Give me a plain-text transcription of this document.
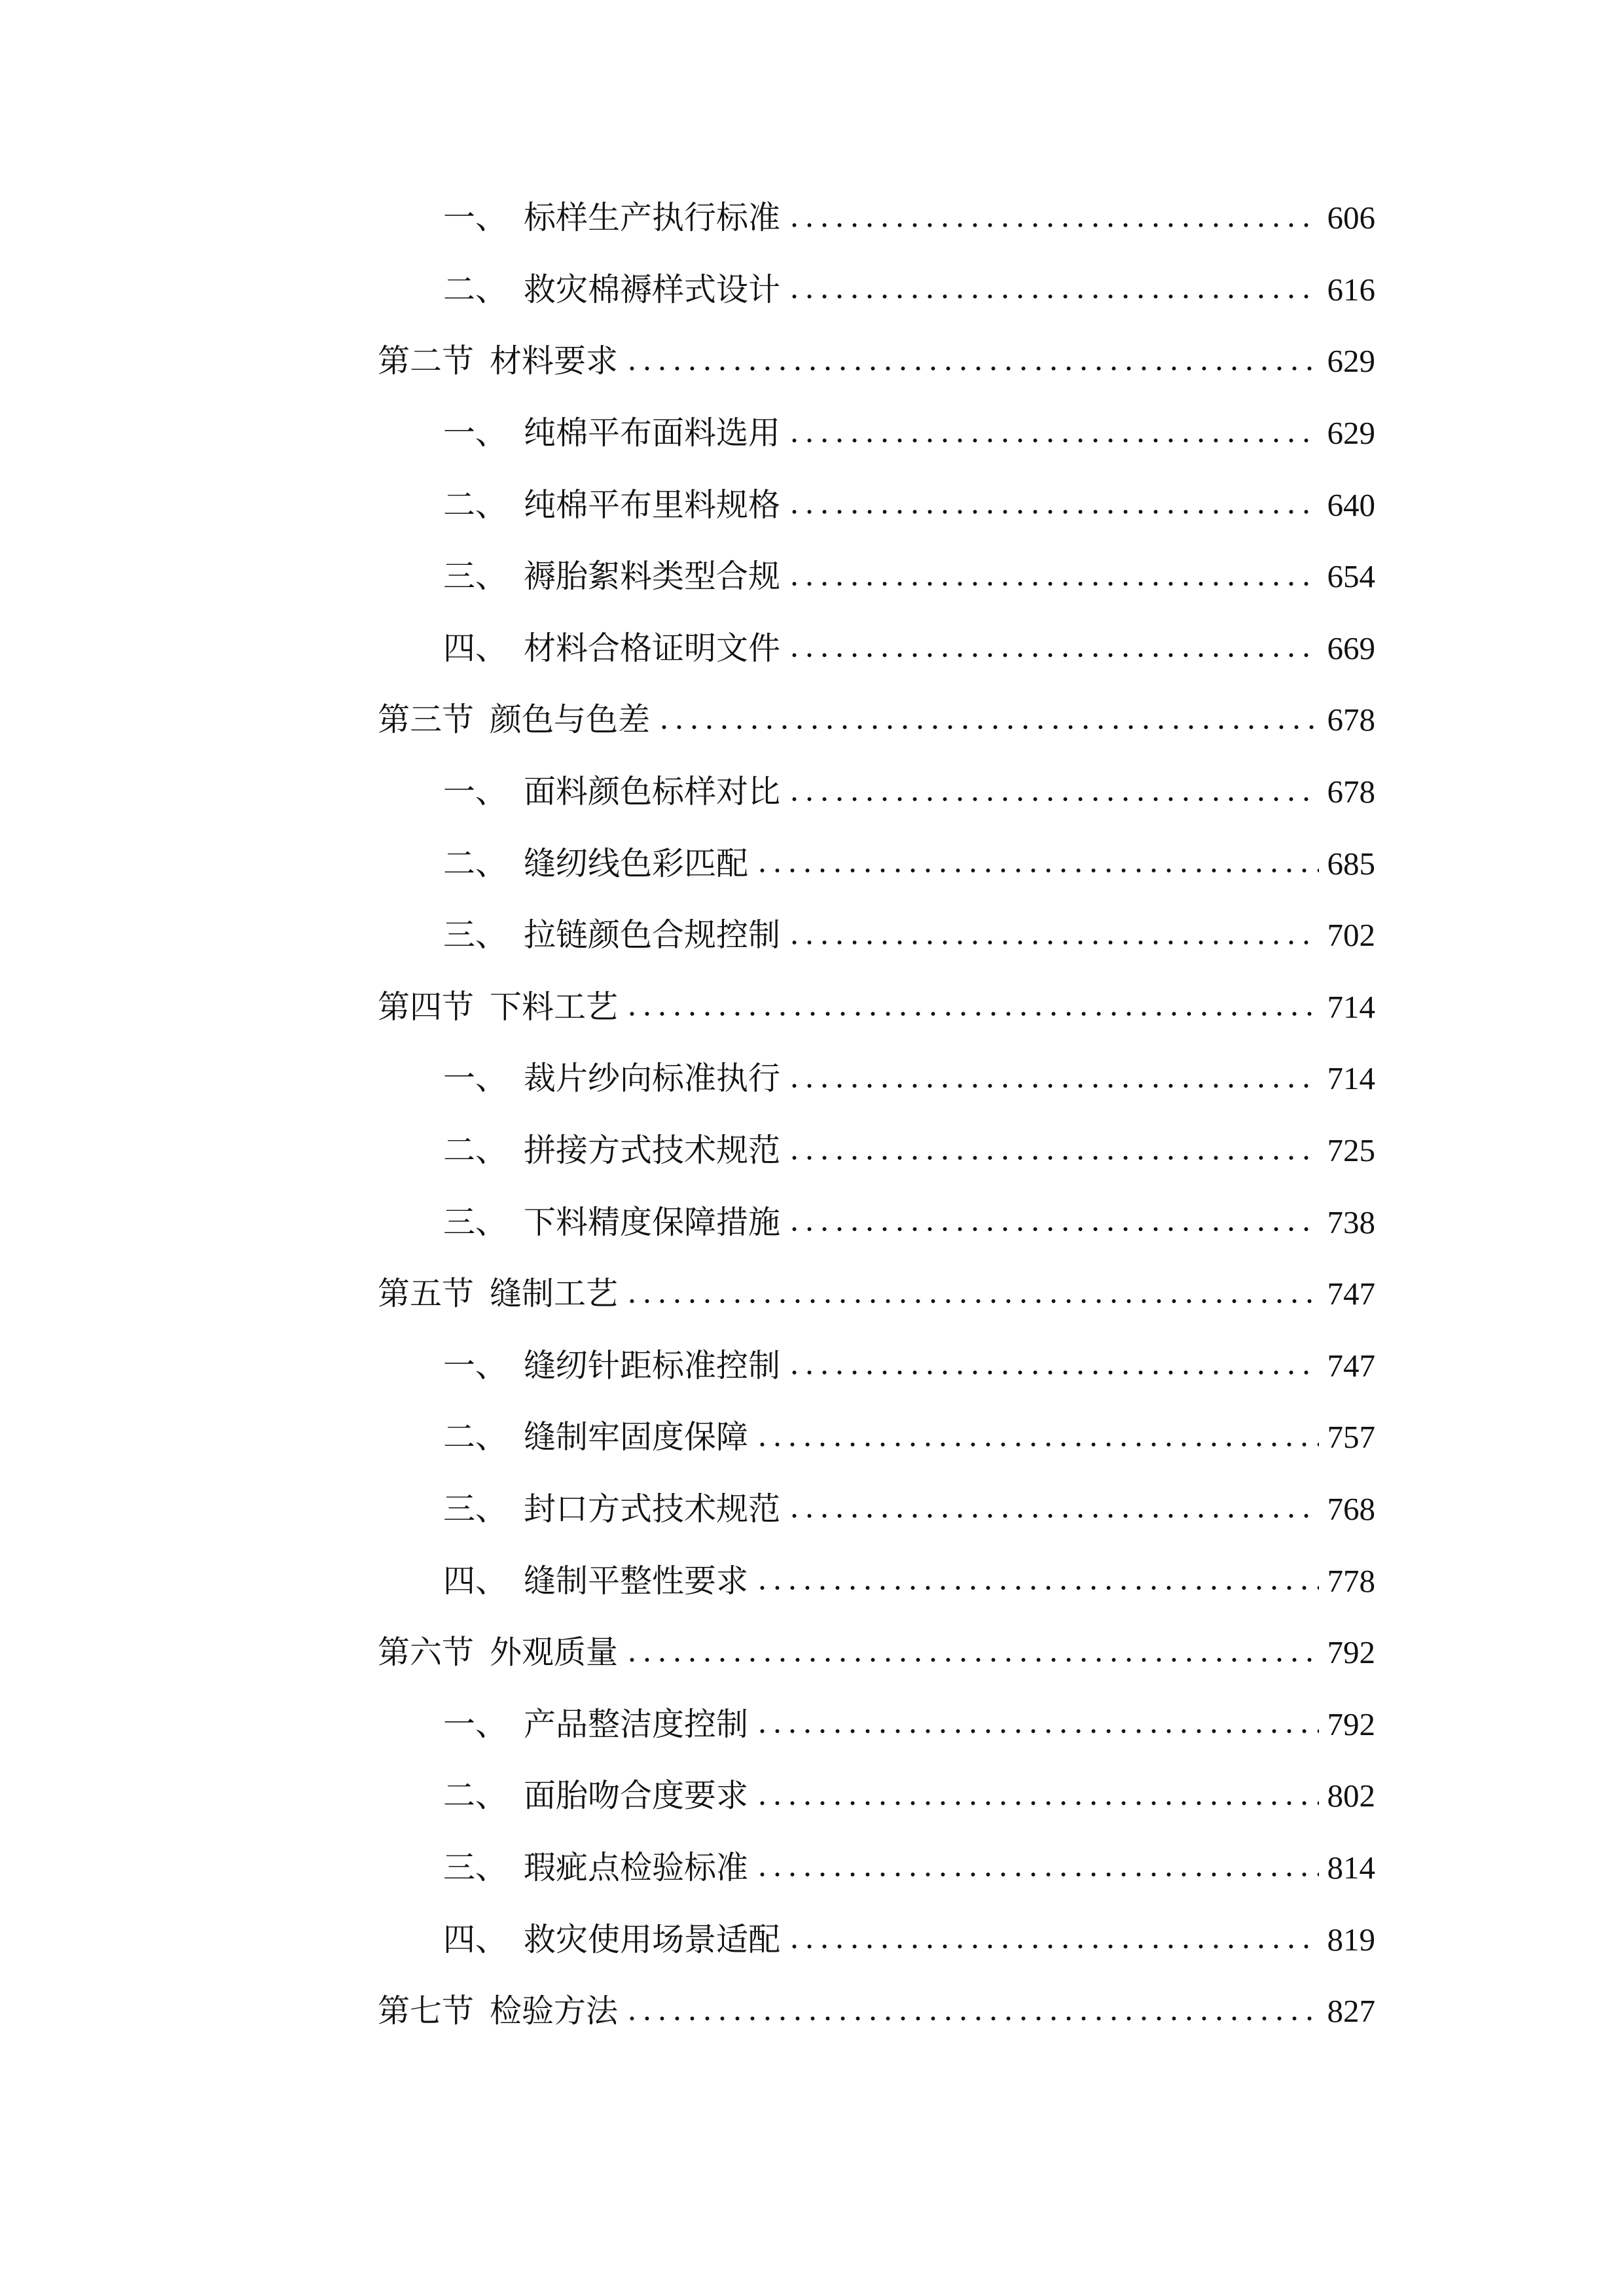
一、 标样生产执行标准	606
二、 救灾棉褥样式设计	616
第二节 材料要求	629
一、 纯棉平布面料选用	629
二、 纯棉平布里料规格	640
三、 褥胎絮料类型合规	654
四、 材料合格证明文件	669
第三节 颜色与色差	678
一、 面料颜色标样对比	678
二、 缝纫线色彩匹配	685
三、 拉链颜色合规控制	702
第四节 下料工艺	714
一、 裁片纱向标准执行	714
二、 拼接方式技术规范	725
三、 下料精度保障措施	738
第五节 缝制工艺	747
一、 缝纫针距标准控制	747
二、 缝制牢固度保障	757
三、 封口方式技术规范	768
四、 缝制平整性要求	778
第六节 外观质量	792
一、 产品整洁度控制	792
二、 面胎吻合度要求	802
三、 瑕疵点检验标准	814
四、 救灾使用场景适配	819
第七节 检验方法	827
